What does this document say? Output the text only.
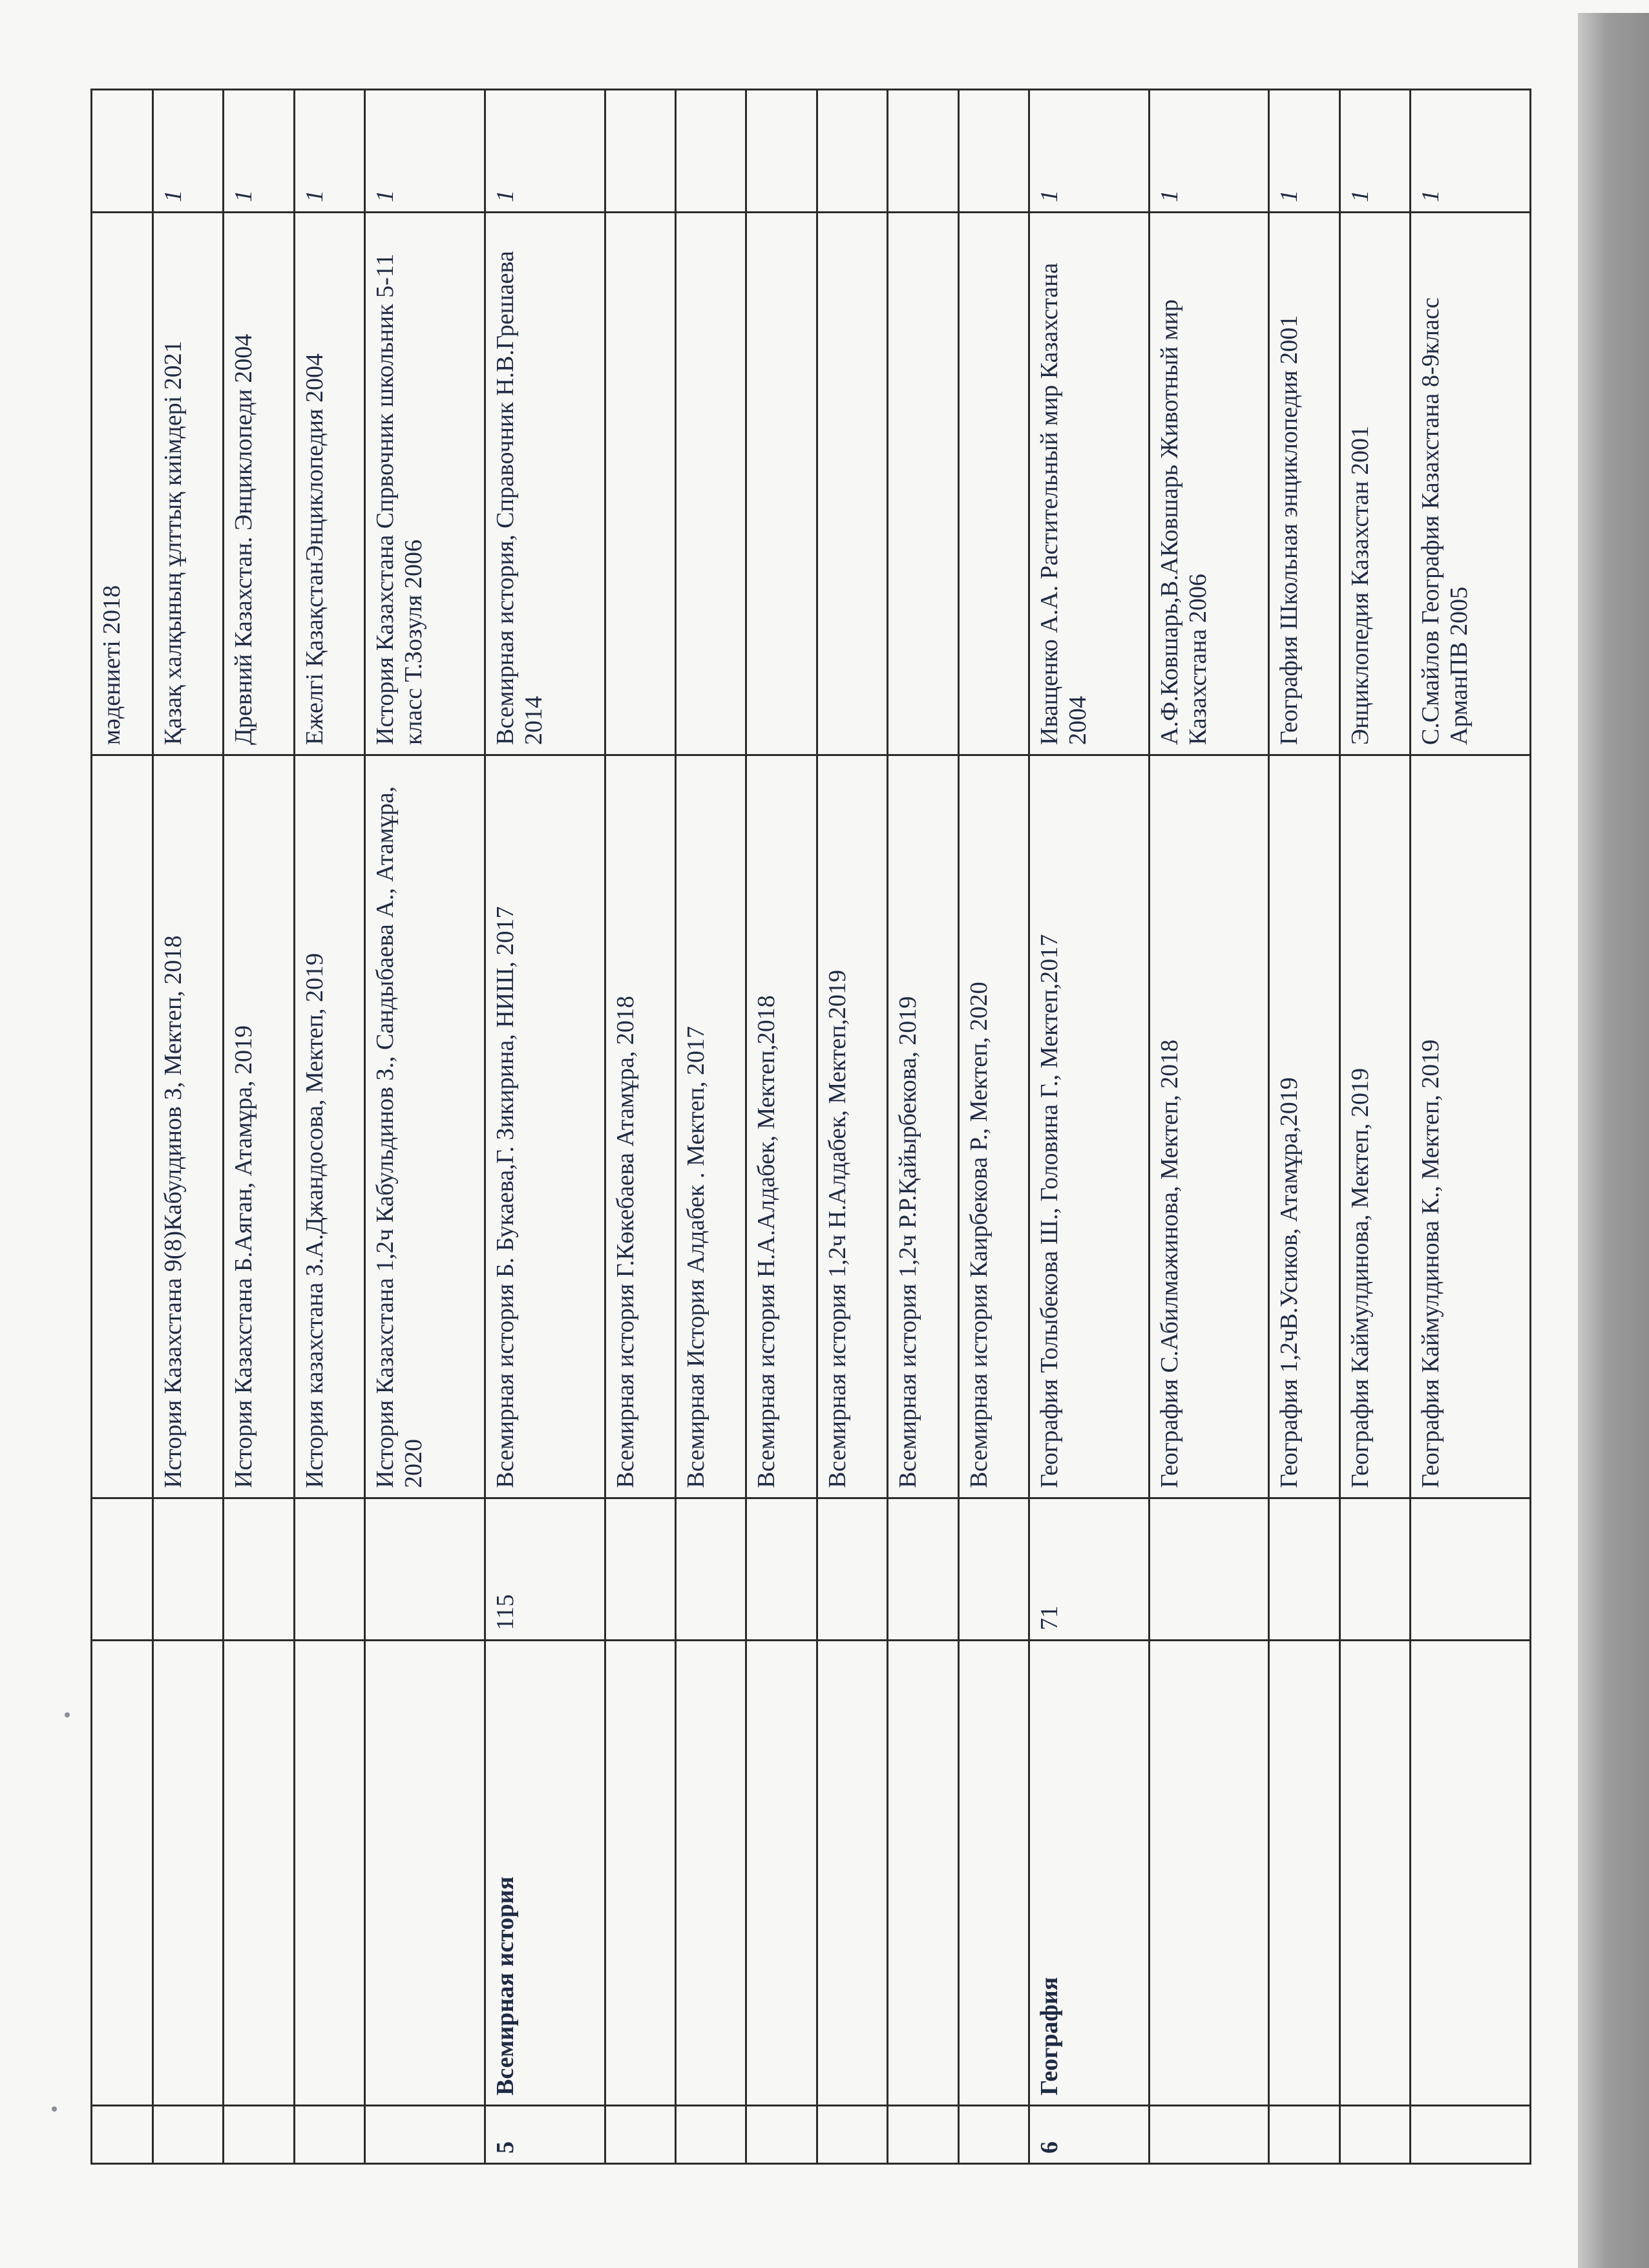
				мәдениеті 2018	
			История Казахстана 9(8)Кабулдинов З, Мектеп, 2018	Қазақ халқының ұлттық киімдері 2021	1
			История Казахстана Б.Аяган, Атамұра, 2019	Древний Казахстан. Энциклопеди 2004	1
			История казахстана З.А.Джандосова, Мектеп, 2019	Ежелгі ҚазақстанЭнциклопедия 2004	1
			История Казахстана 1,2ч Кабульдинов З., Сандыбаева А., Атамұра, 2020	История Казахстана Спрвочник школьник 5-11 класс Т.Зозуля 2006	1
5	Всемирная история	115	Всемирная история Б. Букаева,Г. Зикирина, НИШ, 2017	Всемирная история, Справочник Н.В.Грешаева 2014	1
			Всемирная история Г.Көкебаева Атамұра, 2018		
			Всемирная История Алдабек . Мектеп, 2017		
			Всемирная история Н.А.Алдабек, Мектеп,2018		
			Всемирная история 1,2ч Н.Алдабек, Мектеп,2019		
			Всемирная история 1,2ч Р.Р.Қайырбекова, 2019		
			Всемирная история Каирбекова Р., Мектеп, 2020		
6	География	71	География Толыбекова Ш., Головина Г., Мектеп,2017	Иващенко А.А. Растительный мир Казахстана 2004	1
			География С.Абилмажинова, Мектеп, 2018	А.Ф.Ковшарь,В.АКовшарь Животный мир Казахстана 2006	1
			География 1,2чВ.Усиков, Атамұра,2019	География Школьная энциклопедия 2001	1
			География Каймулдинова, Мектеп, 2019	Энциклопедия Казахстан 2001	1
			География Каймулдинова К., Мектеп, 2019	С.Смайлов География Казахстана 8-9класс АрманПВ 2005	1
